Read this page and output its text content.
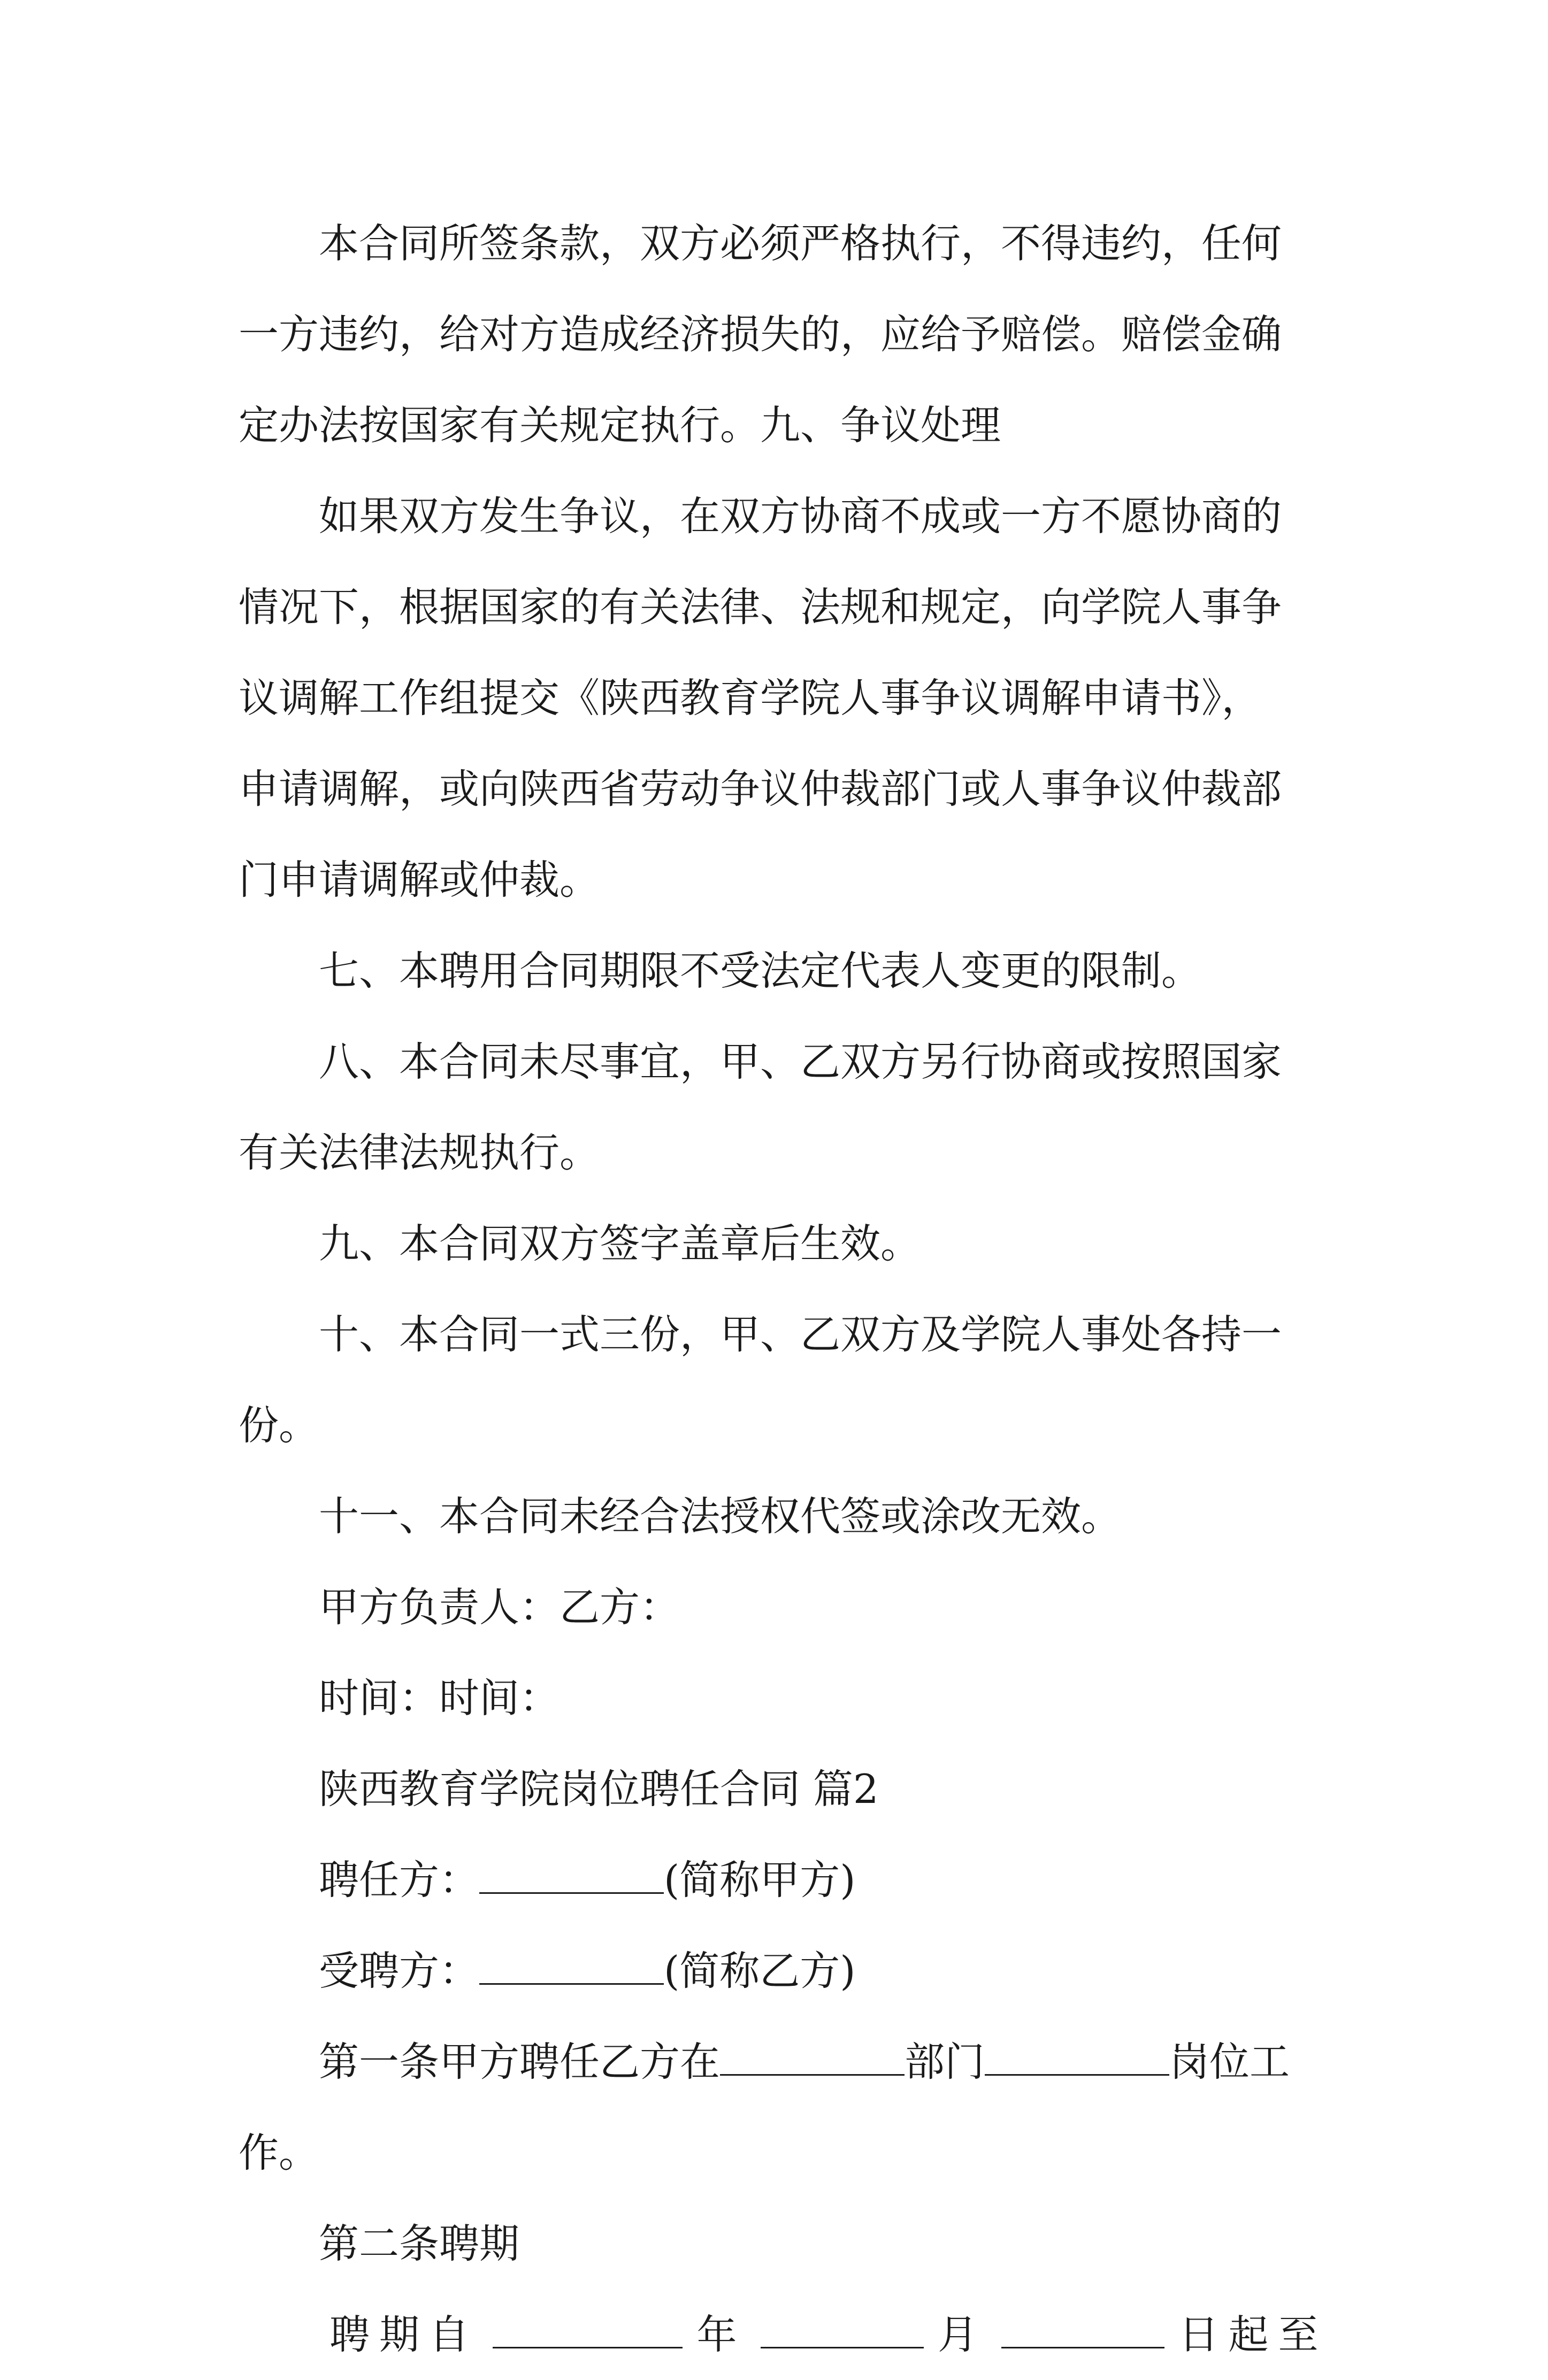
本合同所签条款，双方必须严格执行，不得违约，任何

一方违约，给对方造成经济损失的，应给予赔偿。赔偿金确
定办法按国家有关规定执行。九、争议处理

如果双方发生争议，在双方协商不成或一方不愿协商的

情况下，根据国家的有关法律、法规和规定，向学院人事争
议调解工作组提交《陕西教育学院人事争议调解申请书》，
申请调解，或向陕西省劳动争议仲裁部门或人事争议仲裁部
门申请调解或仲裁。

七、本聘用合同期限不受法定代表人变更的限制。

八、本合同未尽事宜，甲、乙双方另行协商或按照国家

有关法律法规执行。

九、本合同双方签字盖章后生效。

十、本合同一式三份，甲、乙双方及学院人事处各持一

份。

十一、本合同未经合法授权代签或涂改无效。

甲方负责人：乙方：

时间：时间：

陕西教育学院岗位聘任合同 篇2

聘任方：	(简称甲方)

受聘方：	(简称乙方)

第一条甲方聘任乙方在	部门	岗位工

作。

第二条聘期

聘期自	年	月	日起至
